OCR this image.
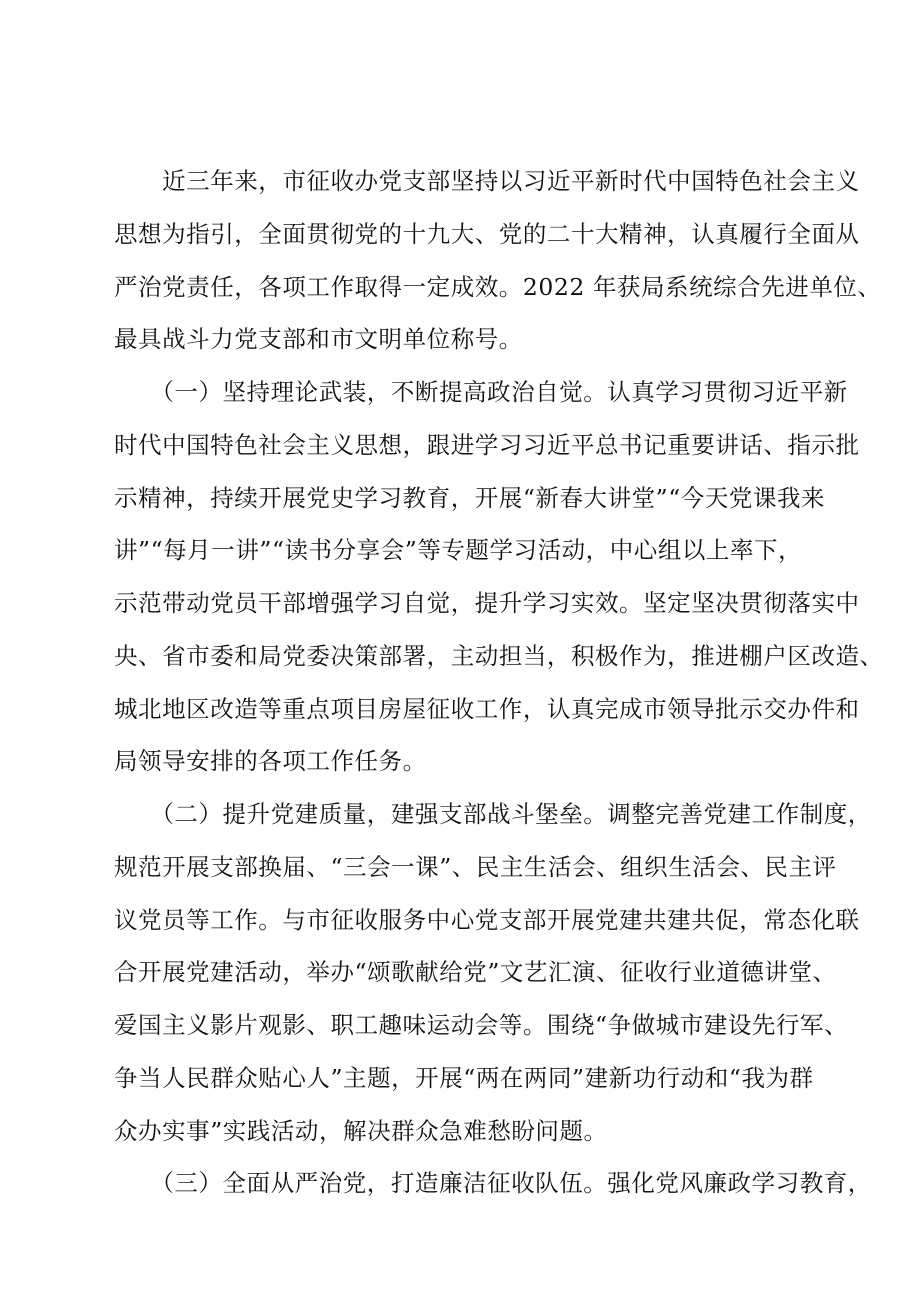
　　近三年来，市征收办党支部坚持以习近平新时代中国特色社会主义
思想为指引，全面贯彻党的十九大、党的二十大精神，认真履行全面从
严治党责任，各项工作取得一定成效。2022 年获局系统综合先进单位、
最具战斗力党支部和市文明单位称号。
　　（一）坚持理论武装，不断提高政治自觉。认真学习贯彻习近平新
时代中国特色社会主义思想，跟进学习习近平总书记重要讲话、指示批
示精神，持续开展党史学习教育，开展“新春大讲堂”“今天党课我来
讲”“每月一讲”“读书分享会”等专题学习活动，中心组以上率下，
示范带动党员干部增强学习自觉，提升学习实效。坚定坚决贯彻落实中
央、省市委和局党委决策部署，主动担当，积极作为，推进棚户区改造、
城北地区改造等重点项目房屋征收工作，认真完成市领导批示交办件和
局领导安排的各项工作任务。
　　（二）提升党建质量，建强支部战斗堡垒。调整完善党建工作制度，
规范开展支部换届、“三会一课”、民主生活会、组织生活会、民主评
议党员等工作。与市征收服务中心党支部开展党建共建共促，常态化联
合开展党建活动，举办“颂歌献给党”文艺汇演、征收行业道德讲堂、
爱国主义影片观影、职工趣味运动会等。围绕“争做城市建设先行军、
争当人民群众贴心人”主题，开展“两在两同”建新功行动和“我为群
众办实事”实践活动，解决群众急难愁盼问题。
　　（三）全面从严治党，打造廉洁征收队伍。强化党风廉政学习教育，
